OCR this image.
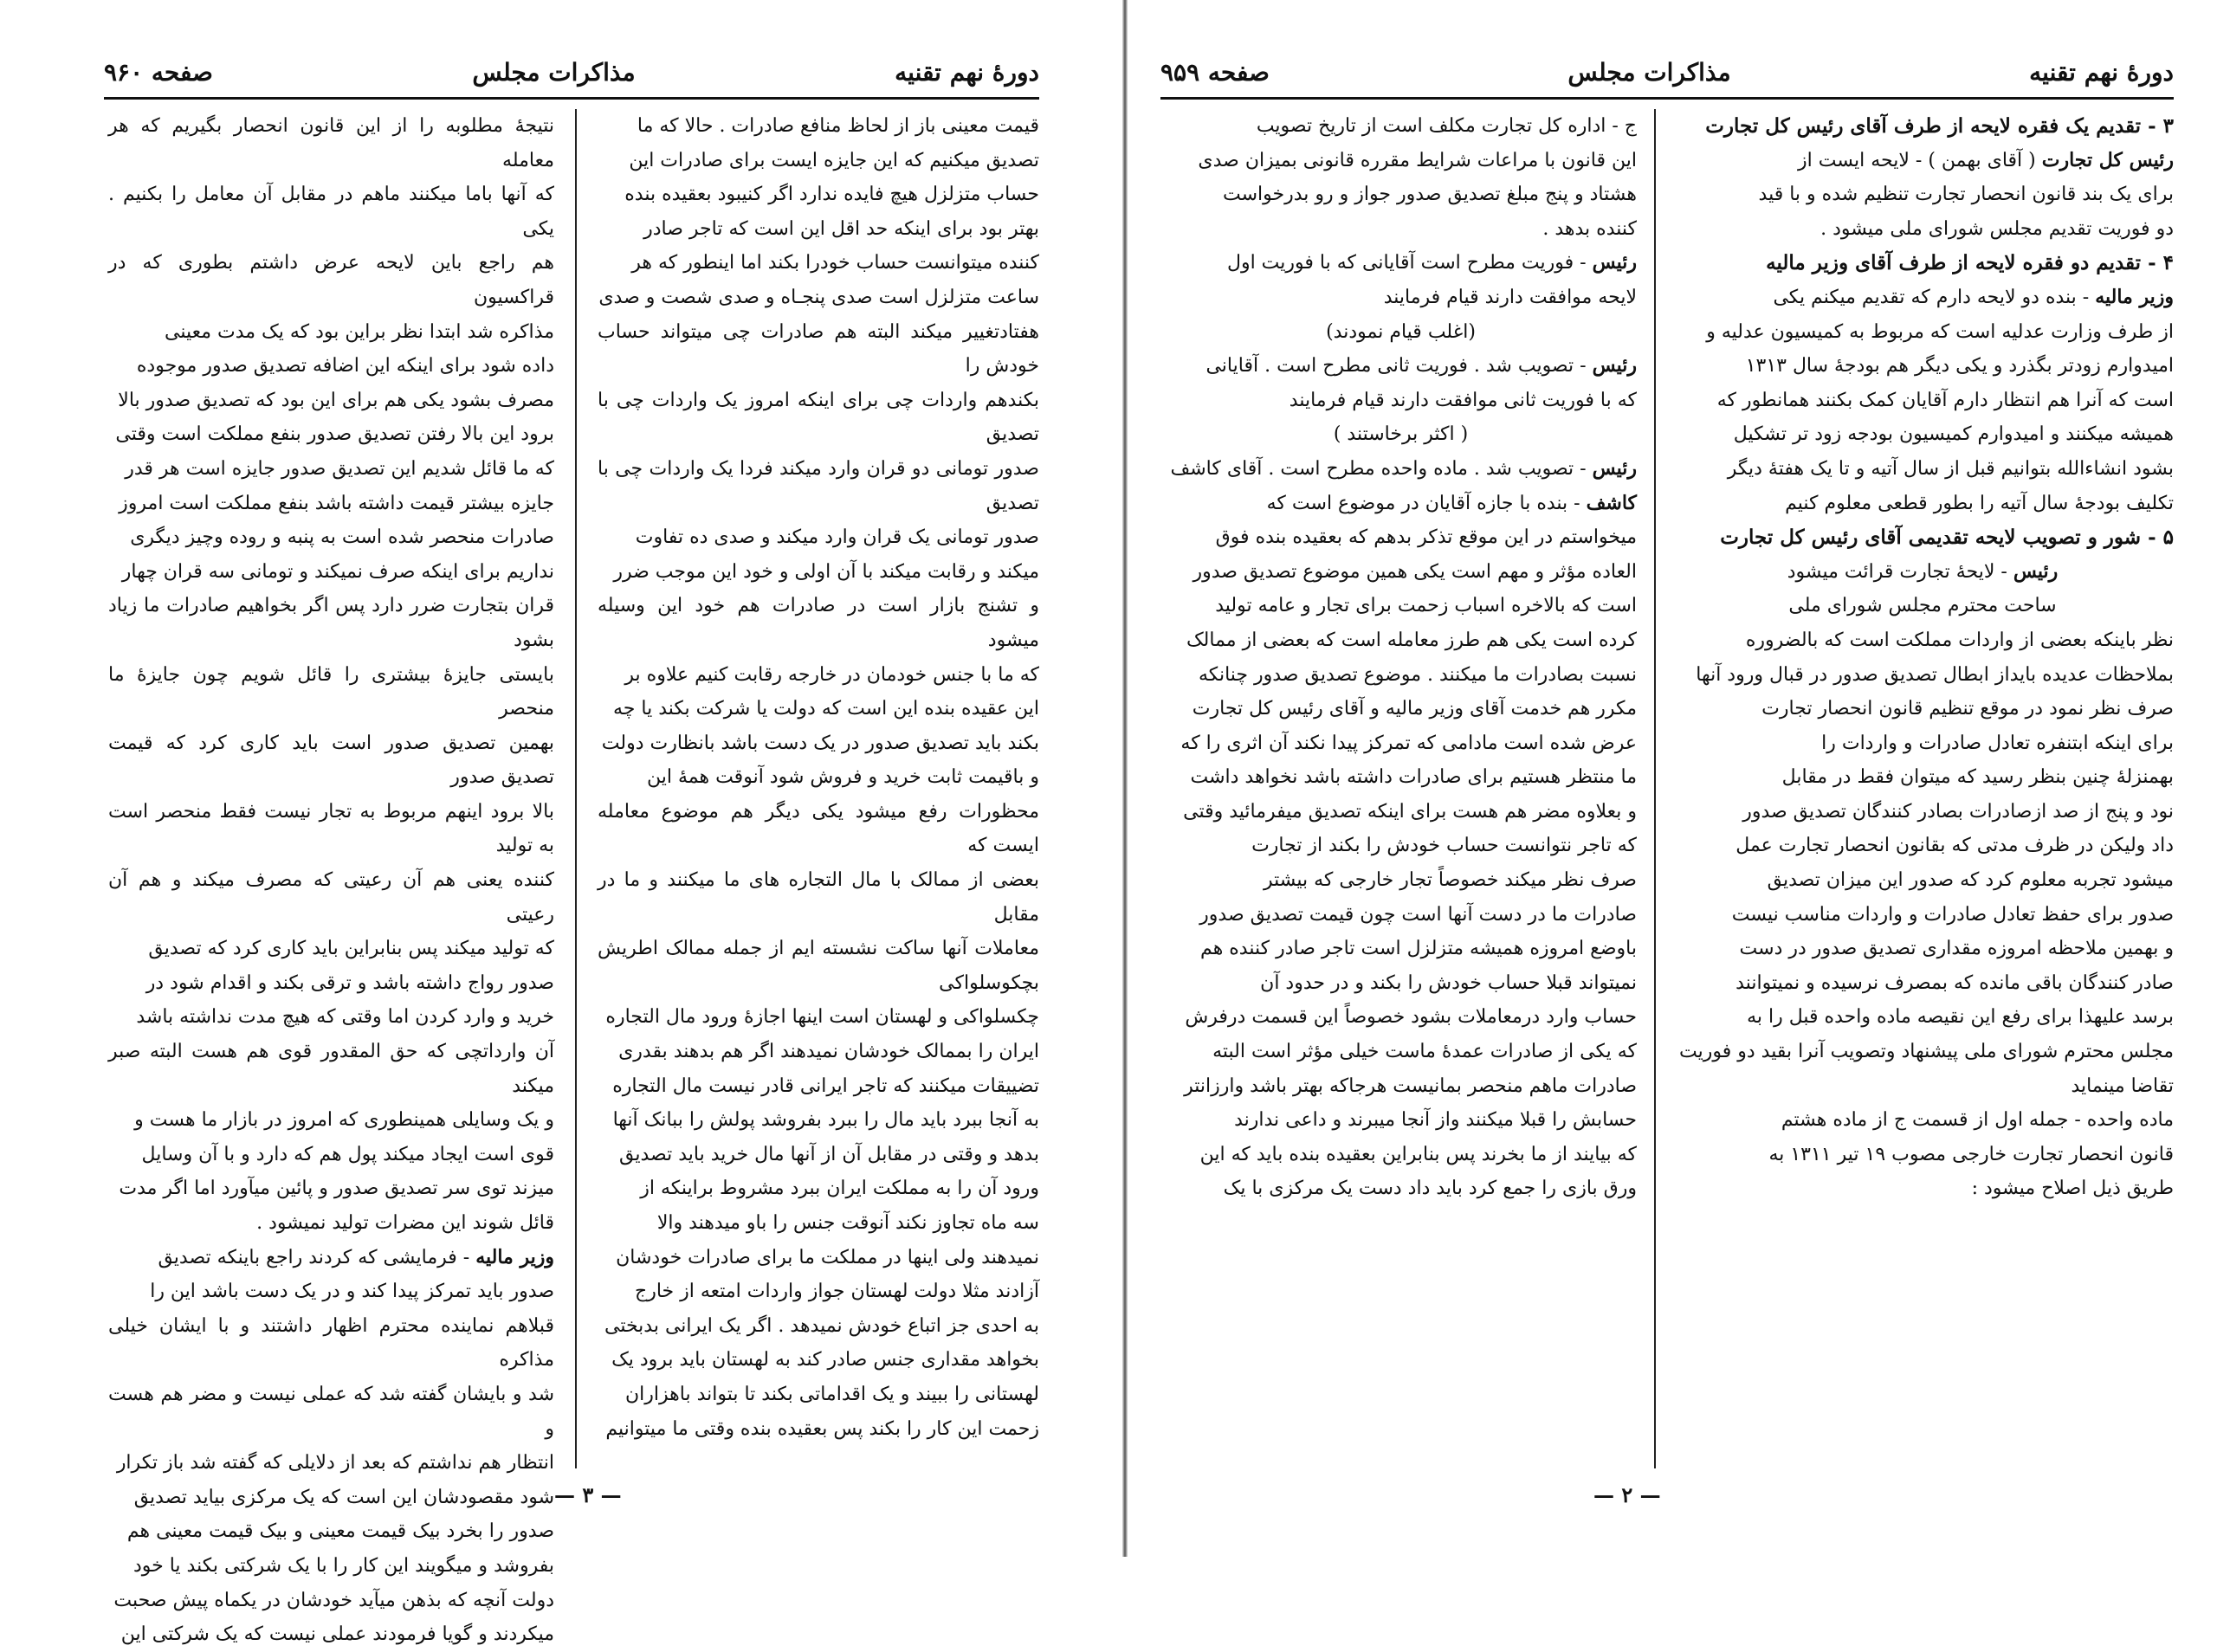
دورهٔ نهم تقنیه
مذاکرات مجلس
صفحه ۹۶۰

قیمت معینی باز از لحاظ منافع صادرات . حالا که ما

تصدیق میکنیم که این جایزه ایست برای صادرات این

حساب متزلزل هیچ فایده ندارد اگر کنیبود بعقیده بنده

بهتر بود برای اینکه حد اقل این است که تاجر صادر

کننده میتوانست حساب خودرا بکند اما اینطور که هر

ساعت متزلزل است صدی پنجـاه و صدی شصت و صدی

هفتادتغییر میکند البته هم صادرات چی میتواند حساب خودش را

بکندهم واردات چی برای اینکه امروز یک واردات چی با تصدیق

صدور تومانی دو قران وارد میکند فردا یک واردات چی با تصدیق

صدور تومانی یک قران وارد میکند و صدی ده تفاوت

میکند و رقابت میکند با آن اولی و خود این موجب ضرر

و تشنج بازار است در صادرات هم خود این وسیله میشود

که ما با جنس خودمان در خارجه رقابت کنیم علاوه بر

این عقیده بنده این است که دولت یا شرکت بکند یا چه

بکند باید تصدیق صدور در یک دست باشد بانظارت دولت

و باقیمت ثابت خرید و فروش شود آنوقت همهٔ این

محظورات رفع میشود یکی دیگر هم موضوع معامله ایست که

بعضی از ممالک با مال التجاره های ما میکنند و ما در مقابل

معاملات آنها ساکت نشسته ایم از جمله ممالک اطریش بچکوسلواکی

چکسلواکی و لهستان است اینها اجازهٔ ورود مال التجاره

ایران را بممالک خودشان نمیدهند اگر هم بدهند بقدری

تضییقات میکنند که تاجر ایرانی قادر نیست مال التجاره

به آنجا ببرد باید مال را ببرد بفروشد پولش را ببانک آنها

بدهد و وقتی در مقابل آن از آنها مال خرید باید تصدیق

ورود آن را به مملکت ایران ببرد مشروط براینکه از

سه ماه تجاوز نکند آنوقت جنس را باو میدهند والا

نمیدهند ولی اینها در مملکت ما برای صادرات خودشان

آزادند مثلا دولت لهستان جواز واردات امتعه از خارج

به احدی جز اتباع خودش نمیدهد . اگر یک ایرانی بدبختی

بخواهد مقداری جنس صادر کند به لهستان باید برود یک

لهستانی را ببیند و یک اقداماتی بکند تا بتواند باهزاران

زحمت این کار را بکند پس بعقیده بنده وقتی ما میتوانیم

نتیجهٔ مطلوبه را از این قانون انحصار بگیریم که هر معامله

که آنها باما میکنند ماهم در مقابل آن معامل را بکنیم . یکی

هم راجع باین لایحه عرض داشتم بطوری که در قراکسیون

مذاکره شد ابتدا نظر براین بود که یک مدت معینی

داده شود برای اینکه این اضافه تصدیق صدور موجوده

مصرف بشود یکی هم برای این بود که تصدیق صدور بالا

برود این بالا رفتن تصدیق صدور بنفع مملکت است وقتی

که ما قائل شدیم این تصدیق صدور جایزه است هر قدر

جایزه بیشتر قیمت داشته باشد بنفع مملکت است امروز

صادرات منحصر شده است به پنبه و روده وچیز دیگری

نداریم برای اینکه صرف نمیکند و تومانی سه قران چهار

قران بتجارت ضرر دارد پس اگر بخواهیم صادرات ما زیاد بشود

بایستی جایزهٔ بیشتری را قائل شویم چون جایزهٔ ما منحصر

بهمین تصدیق صدور است باید کاری کرد که قیمت تصدیق صدور

بالا برود اینهم مربوط به تجار نیست فقط منحصر است به تولید

کننده یعنی هم آن رعیتی که مصرف میکند و هم آن رعیتی

که تولید میکند پس بنابراین باید کاری کرد که تصدیق

صدور رواج داشته باشد و ترقی بکند و اقدام شود در

خرید و وارد کردن اما وقتی که هیچ مدت نداشته باشد

آن وارداتچی که حق المقدور قوی هم هست البته صبر میکند

و یک وسایلی همینطوری که امروز در بازار ما هست و

قوی است ایجاد میکند پول هم که دارد و با آن وسایل

میزند توی سر تصدیق صدور و پائین میآورد اما اگر مدت

قائل شوند این مضرات تولید نمیشود .

وزیر مالیه - فرمایشی که کردند راجع باینکه تصدیق

صدور باید تمرکز پیدا کند و در یک دست باشد این را

قبلاهم نماینده محترم اظهار داشتند و با ایشان خیلی مذاکره

شد و بایشان گفته شد که عملی نیست و مضر هم هست و

انتظار هم نداشتم که بعد از دلایلی که گفته شد باز تکرار

شود مقصودشان این است که یک مرکزی بیاید تصدیق

صدور را بخرد بیک قیمت معینی و بیک قیمت معینی هم

بفروشد و میگویند این کار را با یک شرکتی بکند یا خود

دولت آنچه که بذهن میآید خودشان در یکماه پیش صحبت

میکردند و گویا فرمودند عملی نیست که یک شرکتی این

— ۳ —
دورهٔ نهم تقنیه
مذاکرات مجلس
صفحه ۹۵۹

۳ - تقدیم یک فقره لایحه از طرف آقای رئیس کل تجارت

رئیس کل تجارت ( آقای بهمن ) - لایحه ایست از

برای یک بند قانون انحصار تجارت تنظیم شده و با قید

دو فوریت تقدیم مجلس شورای ملی میشود .

۴ - تقدیم دو فقره لایحه از طرف آقای وزیر مالیه

وزیر مالیه - بنده دو لایحه دارم که تقدیم میکنم یکی

از طرف وزارت عدلیه است که مربوط به کمیسیون عدلیه و

امیدوارم زودتر بگذرد و یکی دیگر هم بودجهٔ سال ۱۳۱۳

است که آنرا هم انتظار دارم آقایان کمک بکنند همانطور که

همیشه میکنند و امیدوارم کمیسیون بودجه زود تر تشکیل

بشود انشاءالله بتوانیم قبل از سال آتیه و تا یک هفتهٔ دیگر

تکلیف بودجهٔ سال آتیه را بطور قطعی معلوم کنیم

۵ - شور و تصویب لایحه تقدیمی آقای رئیس کل تجارت

رئیس - لایحهٔ تجارت قرائت میشود

ساحت محترم مجلس شورای ملی

نظر باینکه بعضی از واردات مملکت است که بالضروره

بملاحظات عدیده بایداز ابطال تصدیق صدور در قبال ورود آنها

صرف نظر نمود در موقع تنظیم قانون انحصار تجارت

برای اینکه ابتنفره تعادل صادرات و واردات را

بهمنزلهٔ چنین بنظر رسید که میتوان فقط در مقابل

نود و پنج از صد ازصادرات بصادر کنندگان تصدیق صدور

داد ولیکن در ظرف مدتی که بقانون انحصار تجارت عمل

میشود تجربه معلوم کرد که صدور این میزان تصدیق

صدور برای حفظ تعادل صادرات و واردات مناسب نیست

و بهمین ملاحظه امروزه مقداری تصدیق صدور در دست

صادر کنندگان باقی مانده که بمصرف نرسیده و نمیتوانند

برسد علیهذا برای رفع این نقیصه ماده واحده قبل را به

مجلس محترم شورای ملی پیشنهاد وتصویب آنرا بقید دو فوریت

تقاضا مینماید

ماده واحده - جمله اول از قسمت ج از ماده هشتم

قانون انحصار تجارت خارجی مصوب ۱۹ تیر ۱۳۱۱ به

طریق ذیل اصلاح میشود :

ج - اداره کل تجارت مکلف است از تاریخ تصویب

این قانون با مراعات شرایط مقرره قانونی بمیزان صدی

هشتاد و پنج مبلغ تصدیق صدور جواز و رو بدرخواست

کننده بدهد .

رئیس - فوریت مطرح است آقایانی که با فوریت اول

لایحه موافقت دارند قیام فرمایند

(اغلب قیام نمودند)

رئیس - تصویب شد . فوریت ثانی مطرح است . آقایانی

که با فوریت ثانی موافقت دارند قیام فرمایند

( اکثر برخاستند )

رئیس - تصویب شد . ماده واحده مطرح است . آقای کاشف

کاشف - بنده با جازه آقایان در موضوع است که

میخواستم در این موقع تذکر بدهم که بعقیده بنده فوق

العاده مؤثر و مهم است یکی همین موضوع تصدیق صدور

است که بالاخره اسباب زحمت برای تجار و عامه تولید

کرده است یکی هم طرز معامله است که بعضی از ممالک

نسبت بصادرات ما میکنند . موضوع تصدیق صدور چنانکه

مکرر هم خدمت آقای وزیر مالیه و آقای رئیس کل تجارت

عرض شده است مادامی که تمرکز پیدا نکند آن اثری را که

ما منتظر هستیم برای صادرات داشته باشد نخواهد داشت

و بعلاوه مضر هم هست برای اینکه تصدیق میفرمائید وقتی

که تاجر نتوانست حساب خودش را بکند از تجارت

صرف نظر میکند خصوصاً تجار خارجی که بیشتر

صادرات ما در دست آنها است چون قیمت تصدیق صدور

باوضع امروزه همیشه متزلزل است تاجر صادر کننده هم

نمیتواند قبلا حساب خودش را بکند و در حدود آن

حساب وارد درمعاملات بشود خصوصاً این قسمت درفرش

که یکی از صادرات عمدهٔ ماست خیلی مؤثر است البته

صادرات ماهم منحصر بمانیست هرجاکه بهتر باشد وارزانتر

حسابش را قبلا میکنند واز آنجا میبرند و داعی ندارند

که بیایند از ما بخرند پس بنابراین بعقیده بنده باید که این

ورق بازی را جمع کرد باید داد دست یک مرکزی با یک

— ۲ —
